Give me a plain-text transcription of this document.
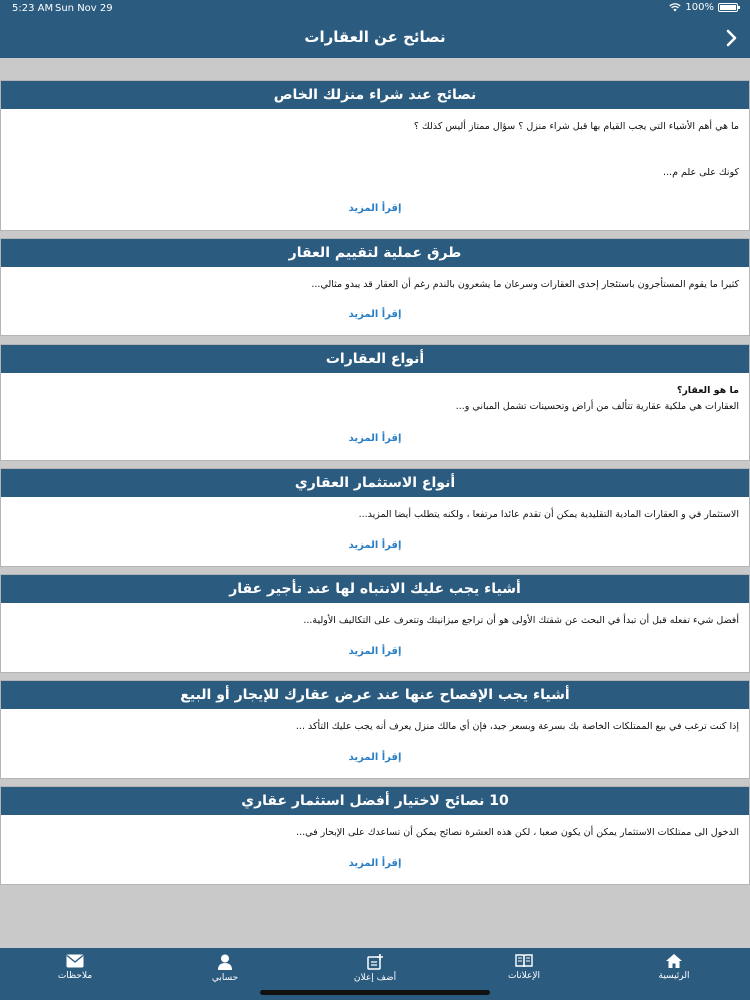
5:23 AM Sun Nov 29	100%
نصائح عن العقارات
نصائح عند شراء منزلك الخاص
ما هي أهم الأشياء التي يجب القيام بها قبل شراء منزل ؟ سؤال ممتاز أليس كذلك ؟
كونك على علم م...
إقرأ المزيد
طرق عملية لتقييم العقار
كثيرا ما يقوم المستأجرون باستئجار إحدى العقارات وسرعان ما يشعرون بالندم رغم أن العقار قد يبدو مثالي...
إقرأ المزيد
أنواع العقارات
ما هو العقار؟
العقارات هي ملكية عقارية تتألف من أراض وتحسينات تشمل المباني و...
إقرأ المزيد
أنواع الاستثمار العقاري
الاستثمار في و العقارات المادية التقليدية يمكن أن تقدم عائدا مرتفعا ، ولكنه يتطلب أيضا المزيد...
إقرأ المزيد
أشياء يجب عليك الانتباه لها عند تأجير عقار
أفضل شيء تفعله قبل أن تبدأ في البحث عن شقتك الأولى هو أن تراجع ميزانيتك وتتعرف على التكاليف الأولية...
إقرأ المزيد
أشياء يجب الإفصاح عنها عند عرض عقارك للإيجار أو البيع
إذا كنت ترغب في بيع الممتلكات الخاصة بك بسرعة وبسعر جيد، فإن أي مالك منزل يعرف أنه يجب عليك التأكد ...
إقرأ المزيد
10 نصائح لاختيار أفضل استثمار عقاري
الدخول الى ممتلكات الاستثمار يمكن أن يكون صعبا ، لكن هذه العشرة نصائح يمكن أن تساعدك على الإبحار في...
إقرأ المزيد
ملاحظات	حسابي	أضف إعلان	الإعلانات	الرئيسية
